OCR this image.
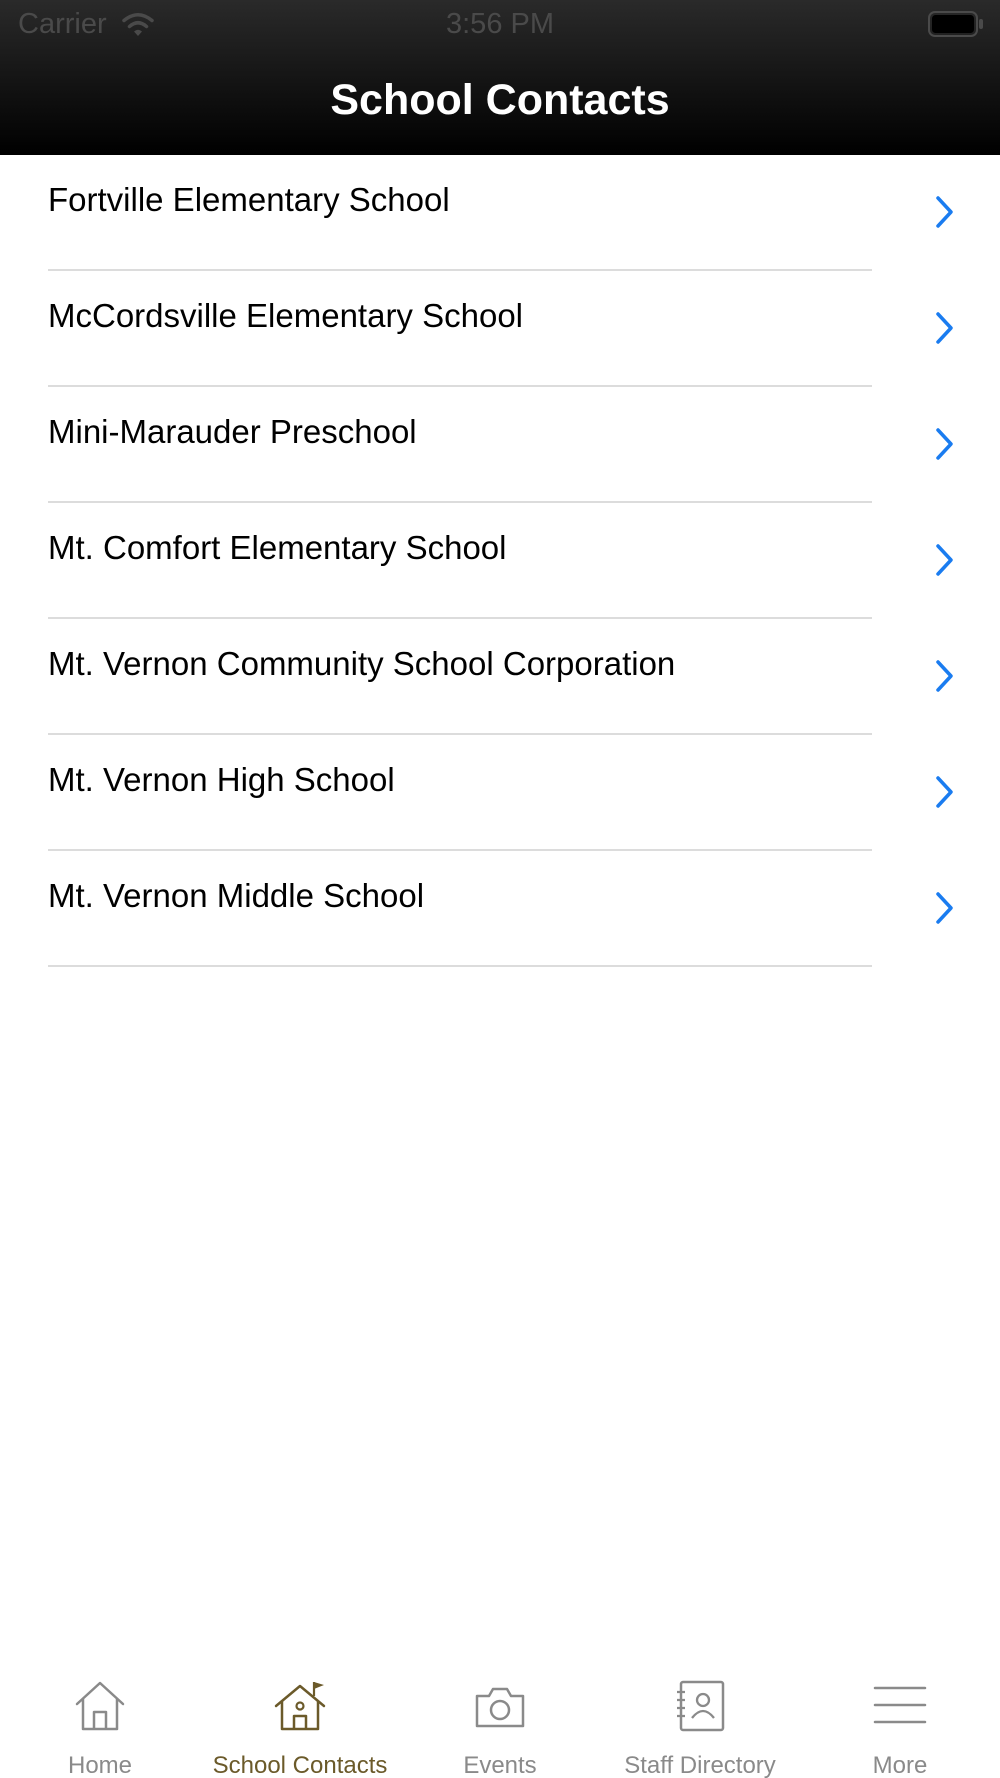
Carrier	3:56 PM
School Contacts
Fortville Elementary School
McCordsville Elementary School
Mini-Marauder Preschool
Mt. Comfort Elementary School
Mt. Vernon Community School Corporation
Mt. Vernon High School
Mt. Vernon Middle School
Home	School Contacts	Events	Staff Directory	More
